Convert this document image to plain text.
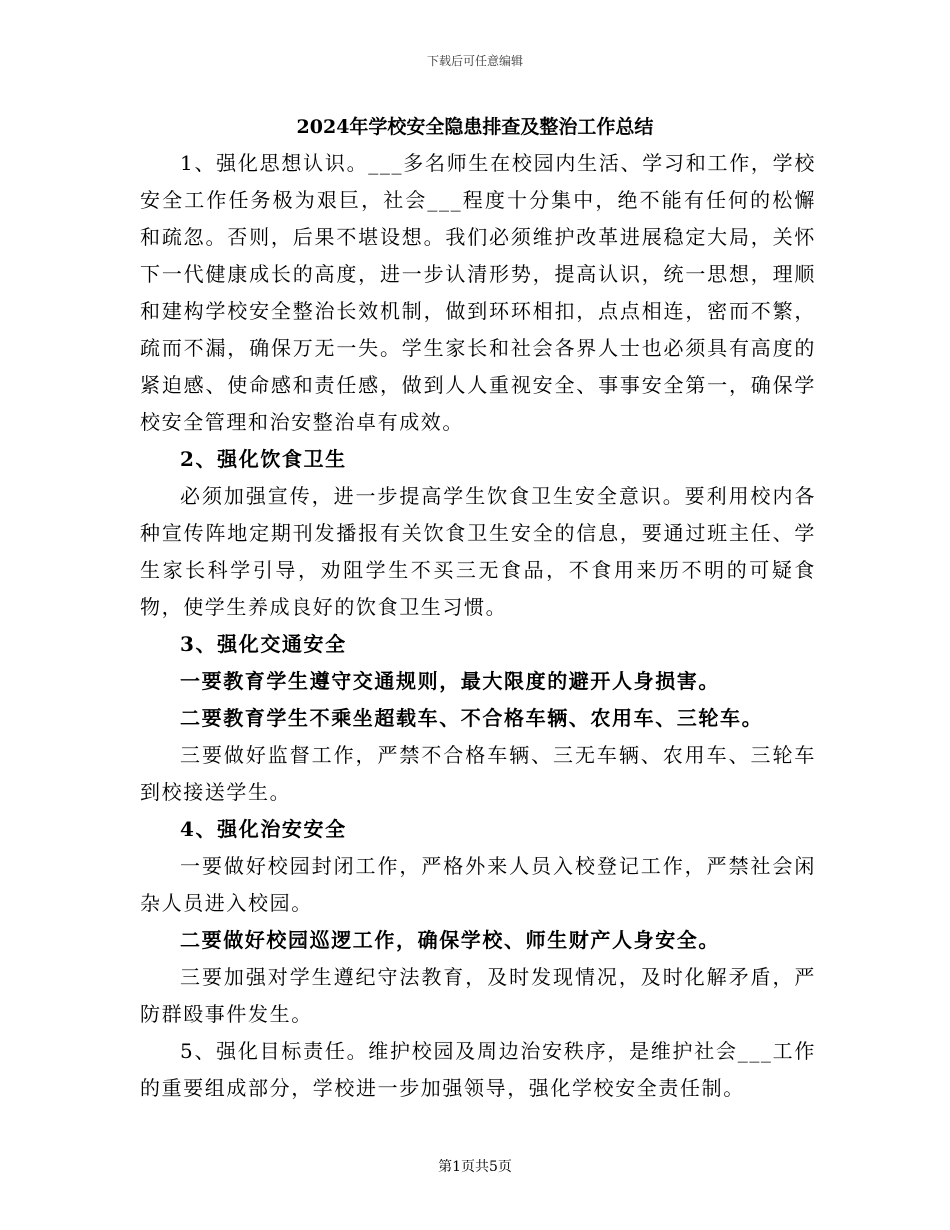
下载后可任意编辑
2024年学校安全隐患排查及整治工作总结

1、强化思想认识。___多名师生在校园内生活、学习和工作，学校安全工作任务极为艰巨，社会___程度十分集中，绝不能有任何的松懈和疏忽。否则，后果不堪设想。我们必须维护改革进展稳定大局，关怀下一代健康成长的高度，进一步认清形势，提高认识，统一思想，理顺和建构学校安全整治长效机制，做到环环相扣，点点相连，密而不繁，疏而不漏，确保万无一失。学生家长和社会各界人士也必须具有高度的紧迫感、使命感和责任感，做到人人重视安全、事事安全第一，确保学校安全管理和治安整治卓有成效。

2、强化饮食卫生

必须加强宣传，进一步提高学生饮食卫生安全意识。要利用校内各种宣传阵地定期刊发播报有关饮食卫生安全的信息，要通过班主任、学生家长科学引导，劝阻学生不买三无食品，不食用来历不明的可疑食物，使学生养成良好的饮食卫生习惯。

3、强化交通安全

一要教育学生遵守交通规则，最大限度的避开人身损害。

二要教育学生不乘坐超载车、不合格车辆、农用车、三轮车。

三要做好监督工作，严禁不合格车辆、三无车辆、农用车、三轮车到校接送学生。

4、强化治安安全

一要做好校园封闭工作，严格外来人员入校登记工作，严禁社会闲杂人员进入校园。

二要做好校园巡逻工作，确保学校、师生财产人身安全。

三要加强对学生遵纪守法教育，及时发现情况，及时化解矛盾，严防群殴事件发生。

5、强化目标责任。维护校园及周边治安秩序，是维护社会___工作的重要组成部分，学校进一步加强领导，强化学校安全责任制。

第1页共5页
